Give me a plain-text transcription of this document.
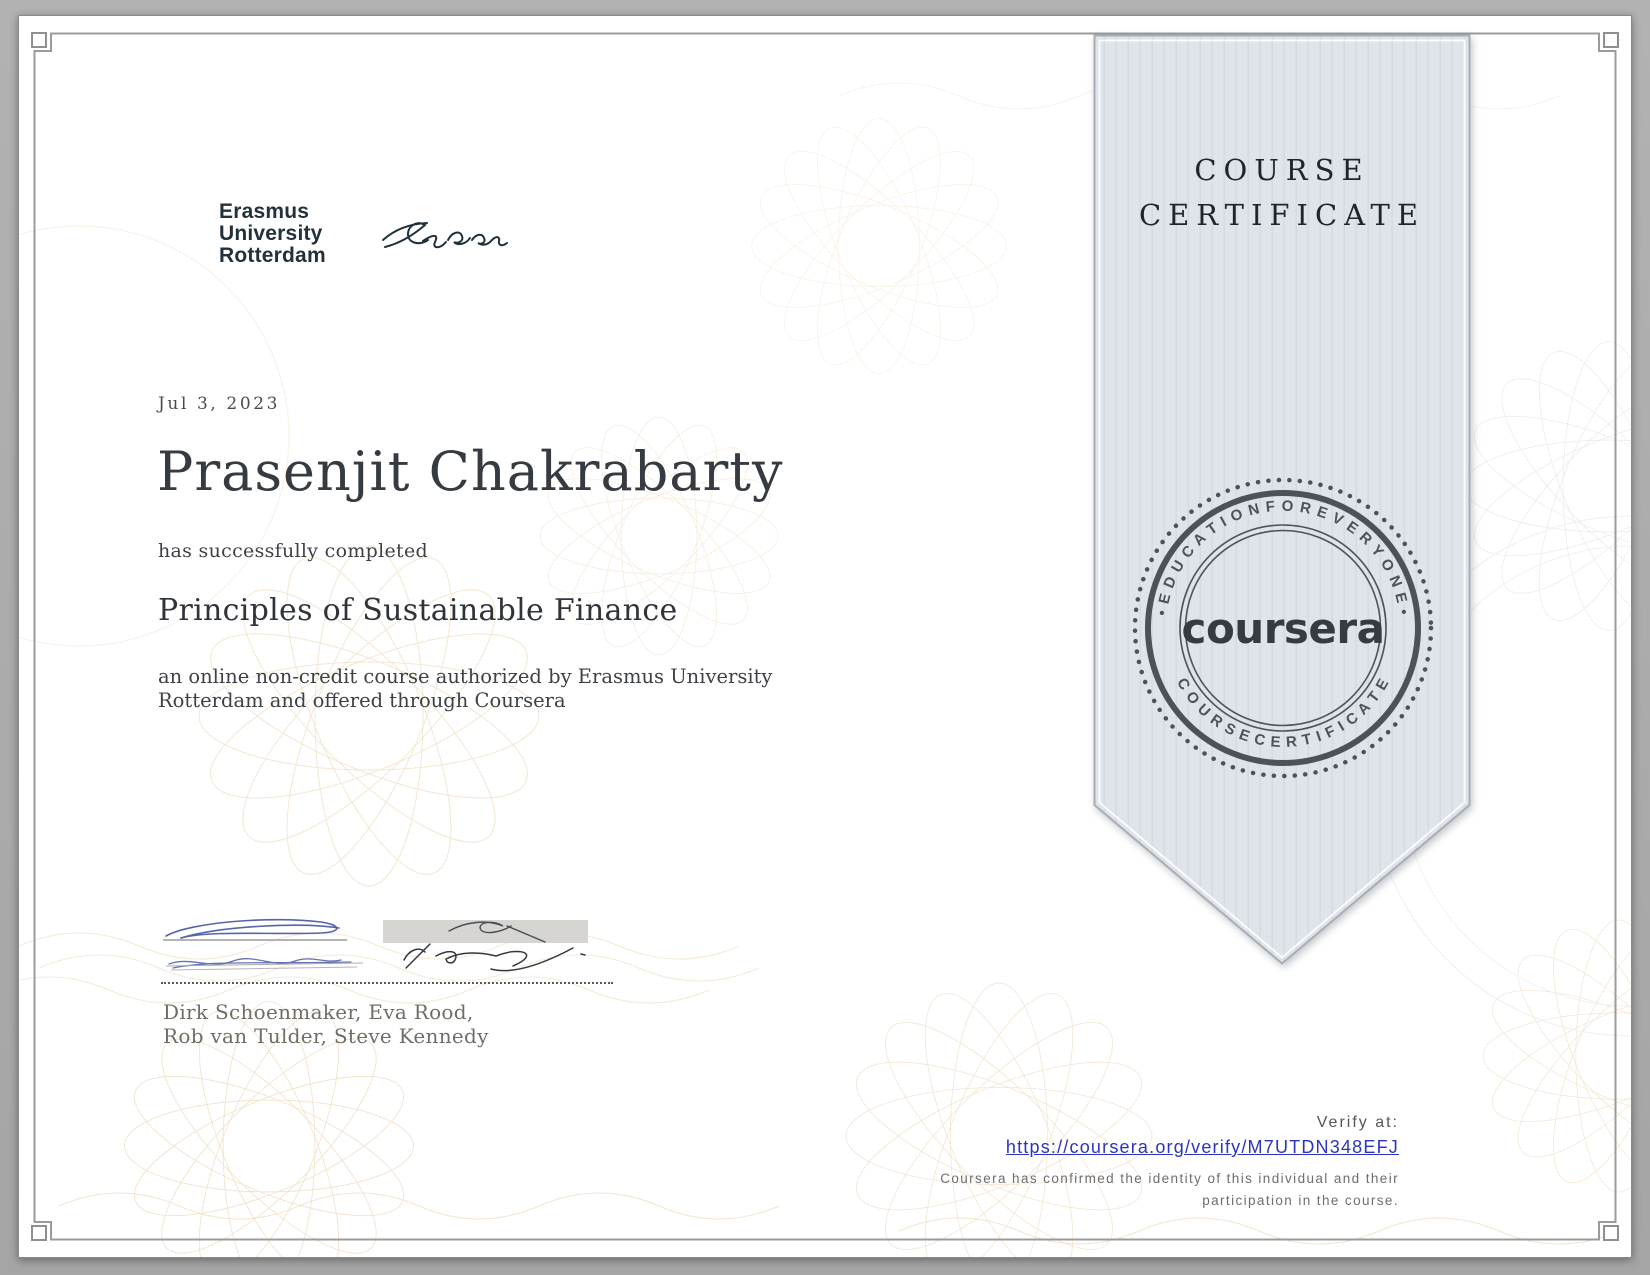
Erasmus
University
Rotterdam
Jul 3, 2023
Prasenjit Chakrabarty
has successfully completed
Principles of Sustainable Finance
an online non-credit course authorized by Erasmus University Rotterdam and offered through Coursera
Dirk Schoenmaker, Eva Rood,
Rob van Tulder, Steve Kennedy
COURSE
CERTIFICATE
• E D U C A T I O N F O R E V E R Y O N E •
C O U R S E C E R T I F I C A T E
coursera
Verify at:
https://coursera.org/verify/M7UTDN348EFJ
Coursera has confirmed the identity of this individual and their
participation in the course.
